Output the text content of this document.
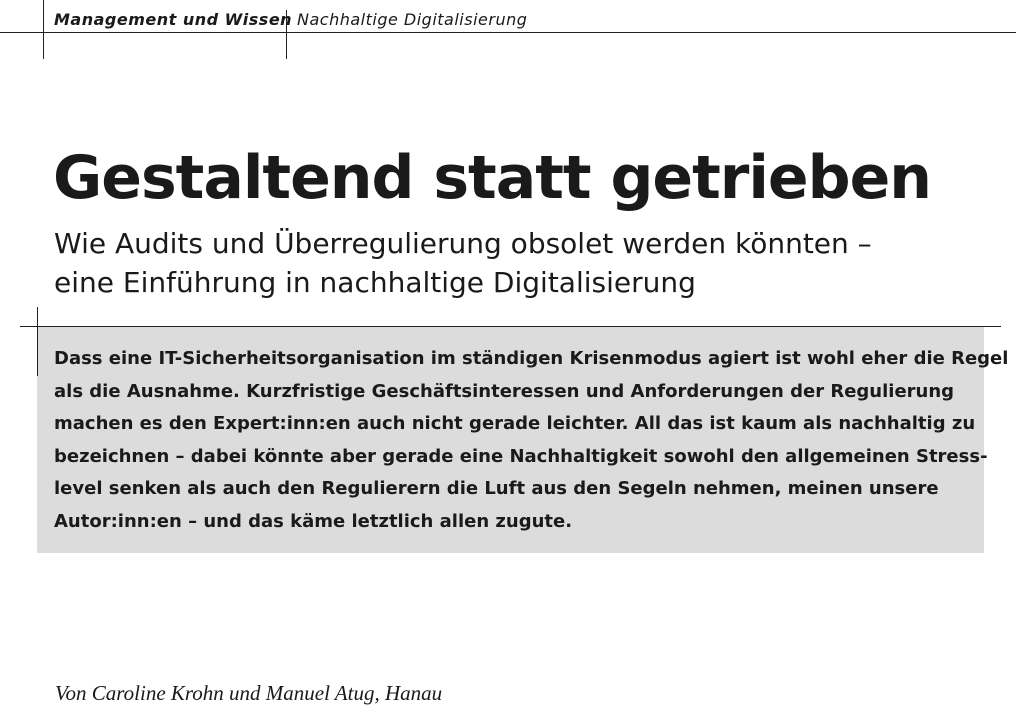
Management und Wissen Nachhaltige Digitalisierung
Gestaltend statt getrieben
Wie Audits und Überregulierung obsolet werden könnten –
eine Einführung in nachhaltige Digitalisierung

Dass eine IT-Sicherheitsorganisation im ständigen Krisenmodus agiert ist wohl eher die Regel
als die Ausnahme. Kurzfristige Geschäftsinteressen und Anforderungen der Regulierung
machen es den Expert:inn:en auch nicht gerade leichter. All das ist kaum als nachhaltig zu
bezeichnen – dabei könnte aber gerade eine Nachhaltigkeit sowohl den allgemeinen Stress-
level senken als auch den Regulierern die Luft aus den Segeln nehmen, meinen unsere
Autor:inn:en – und das käme letztlich allen zugute.

Von Caroline Krohn und Manuel Atug, Hanau
